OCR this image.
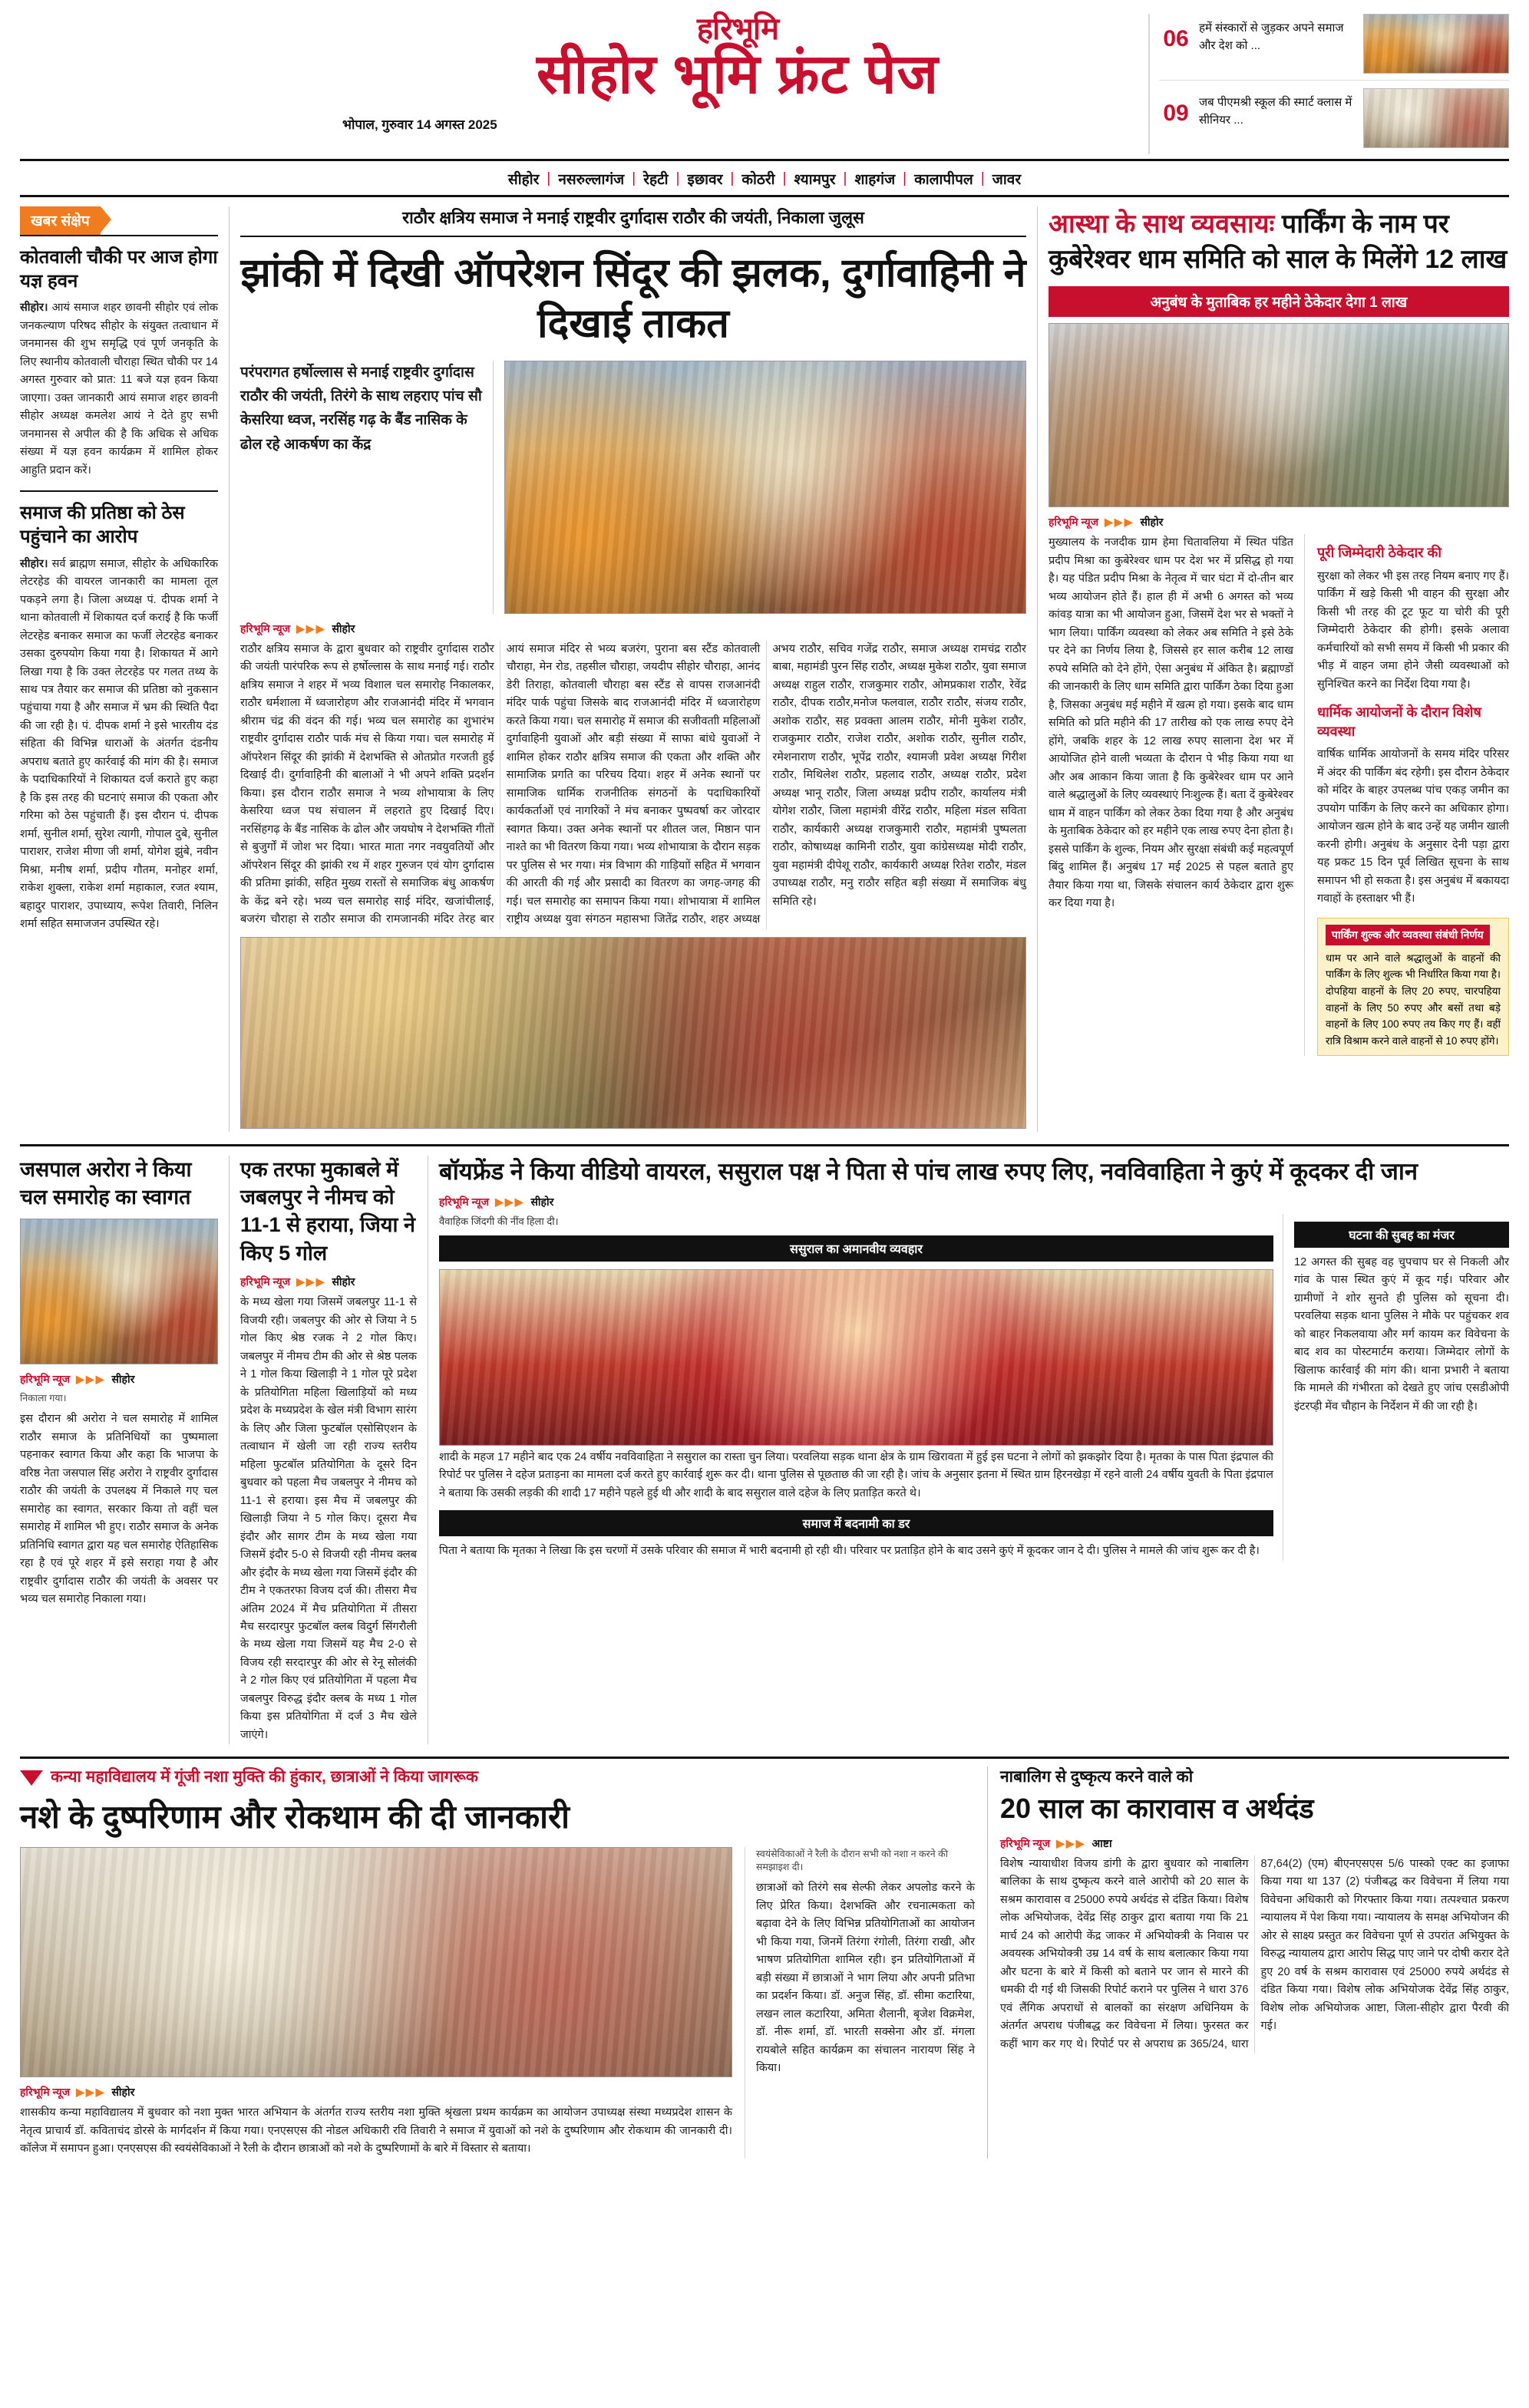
हरिभूमि
सीहोर भूमि फ्रंट पेज
भोपाल, गुरुवार 14 अगस्त 2025
06 हमें संस्कारों से जुड़कर अपने समाज और देश को ...
09 जब पीएमश्री स्कूल की स्मार्ट क्लास में सीनियर ...
सीहोर | नसरुल्लागंज | रेहटी | इछावर | कोठरी | श्यामपुर | शाहगंज | कालापीपल | जावर
खबर संक्षेप
कोतवाली चौकी पर आज होगा यज्ञ हवन

सीहोर। आयं समाज शहर छावनी सीहोर एवं लोक जनकल्याण परिषद सीहोर के संयुक्त तत्वाधान में जनमानस की शुभ समृद्धि एवं पूर्ण जनकृति के लिए स्थानीय कोतवाली चौराहा स्थित चौकी पर 14 अगस्त गुरुवार को प्रात: 11 बजे यज्ञ हवन किया जाएगा। उक्त जानकारी आयं समाज शहर छावनी सीहोर अध्यक्ष कमलेश आयं ने देते हुए सभी जनमानस से अपील की है कि अधिक से अधिक संख्या में यज्ञ हवन कार्यक्रम में शामिल होकर आहुति प्रदान करें।

समाज की प्रतिष्ठा को ठेस पहुंचाने का आरोप

सीहोर। सर्व ब्राह्मण समाज, सीहोर के अधिकारिक लेटरहेड की वायरल जानकारी का मामला तूल पकड़ने लगा है। जिला अध्यक्ष पं. दीपक शर्मा ने थाना कोतवाली में शिकायत दर्ज कराई है कि फर्जी लेटरहेड बनाकर समाज का फर्जी लेटरहेड बनाकर उसका दुरुपयोग किया गया है। शिकायत में आगे लिखा गया है कि उक्त लेटरहेड पर गलत तथ्य के साथ पत्र तैयार कर समाज की प्रतिष्ठा को नुकसान पहुंचाया गया है और समाज में भ्रम की स्थिति पैदा की जा रही है। पं. दीपक शर्मा ने इसे भारतीय दंड संहिता की विभिन्न धाराओं के अंतर्गत दंडनीय अपराध बताते हुए कार्रवाई की मांग की है। समाज के पदाधिकारियों ने शिकायत दर्ज कराते हुए कहा है कि इस तरह की घटनाएं समाज की एकता और गरिमा को ठेस पहुंचाती हैं। इस दौरान पं. दीपक शर्मा, सुनील शर्मा, सुरेश त्यागी, गोपाल दुबे, सुनील पाराशर, राजेश मीणा जी शर्मा, योगेश झुंबे, नवीन मिश्रा, मनीष शर्मा, प्रदीप गौतम, मनोहर शर्मा, राकेश शुक्ला, राकेश शर्मा महाकाल, रजत श्याम, बहादुर पाराशर, उपाध्याय, रूपेश तिवारी, निलिन शर्मा सहित समाजजन उपस्थित रहे।

राठौर क्षत्रिय समाज ने मनाई राष्ट्रवीर दुर्गादास राठौर की जयंती, निकाला जुलूस
झांकी में दिखी ऑपरेशन सिंदूर की झलक, दुर्गावाहिनी ने दिखाई ताकत
परंपरागत हर्षोल्लास से मनाई राष्ट्रवीर दुर्गादास राठौर की जयंती, तिरंगे के साथ लहराए पांच सौ केसरिया ध्वज, नरसिंह गढ़ के बैंड नासिक के ढोल रहे आकर्षण का केंद्र
हरिभूमि न्यूज ▶▶▶ सीहोर
राठौर क्षत्रिय समाज के द्वारा बुधवार को राष्ट्रवीर दुर्गादास राठौर की जयंती पारंपरिक रूप से हर्षोल्लास के साथ मनाई गई। राठौर क्षत्रिय समाज ने शहर में भव्य विशाल चल समारोह निकालकर, राठौर धर्मशाला में ध्वजारोहण और राजआनंदी मंदिर में भगवान श्रीराम चंद्र की वंदन की गई। भव्य चल समारोह का शुभारंभ राष्ट्रवीर दुर्गादास राठौर पार्क मंच से किया गया। चल समारोह में ऑपरेशन सिंदूर की झांकी में देशभक्ति से ओतप्रोत गरजती हुई दिखाई दी। दुर्गावाहिनी की बालाओं ने भी अपने शक्ति प्रदर्शन किया। इस दौरान राठौर समाज ने भव्य शोभायात्रा के लिए केसरिया ध्वज पथ संचालन में लहराते हुए दिखाई दिए। नरसिंहगढ़ के बैंड नासिक के ढोल और जयघोष ने देशभक्ति गीतों से बुजुर्गों में जोश भर दिया। भारत माता नगर नवयुवतियों और ऑपरेशन सिंदूर की झांकी रथ में शहर गुरुजन एवं योग दुर्गादास की प्रतिमा झांकी, सहित मुख्य रास्तों से समाजिक बंधु आकर्षण के केंद्र बने रहे। भव्य चल समारोह साई मंदिर, खजांचीलाई, बजरंग चौराहा से राठौर समाज की रामजानकी मंदिर तेरह बार आयं समाज मंदिर से भव्य बजरंग, पुराना बस स्टैंड कोतवाली चौराहा, मेन रोड, तहसील चौराहा, जयदीप सीहोर चौराहा, आनंद डेरी तिराहा, कोतवाली चौराहा बस स्टैंड से वापस राजआनंदी मंदिर पार्क पहुंचा जिसके बाद राजआनंदी मंदिर में ध्वजारोहण करते किया गया। चल समारोह में समाज की सजीवताी महिलाओं दुर्गावाहिनी युवाओं और बड़ी संख्या में साफा बांधे युवाओं ने शामिल होकर राठौर क्षत्रिय समाज की एकता और शक्ति और सामाजिक प्रगति का परिचय दिया। शहर में अनेक स्थानों पर सामाजिक धार्मिक राजनीतिक संगठनों के पदाधिकारियों कार्यकर्ताओं एवं नागरिकों ने मंच बनाकर पुष्पवर्षा कर जोरदार स्वागत किया। उक्त अनेक स्थानों पर शीतल जल, मिष्ठान पान नाश्ते का भी वितरण किया गया। भव्य शोभायात्रा के दौरान सड़क पर पुलिस से भर गया। मंत्र विभाग की गाड़ियाों सहित में भगवान की आरती की गई और प्रसादी का वितरण का जगह-जगह की गई। चल समारोह का समापन किया गया। शोभायात्रा में शामिल राष्ट्रीय अध्यक्ष युवा संगठन महासभा जितेंद्र राठौर, शहर अध्यक्ष अभय राठौर, सचिव गजेंद्र राठौर, समाज अध्यक्ष रामचंद्र राठौर बाबा, महामंडी पुरन सिंह राठौर, अध्यक्ष मुकेश राठौर, युवा समाज अध्यक्ष राहुल राठौर, राजकुमार राठौर, ओमप्रकाश राठौर, रेवेंद्र राठौर, दीपक राठौर,मनोज फलवाल, राठौर राठौर, संजय राठौर, अशोक राठौर, सह प्रवक्ता आलम राठौर, मोनी मुकेश राठौर, राजकुमार राठौर, राजेश राठौर, अशोक राठौर, सुनील राठौर, रमेशनाराण राठौर, भूपेंद्र राठौर, श्यामजी प्रवेश अध्यक्ष गिरीश राठौर, मिथिलेश राठौर, प्रहलाद राठौर, अध्यक्ष राठौर, प्रदेश अध्यक्ष भानू राठौर, जिला अध्यक्ष प्रदीप राठौर, कार्यालय मंत्री योगेश राठौर, जिला महामंत्री वीरेंद्र राठौर, महिला मंडल सविता राठौर, कार्यकारी अध्यक्ष राजकुमारी राठौर, महामंत्री पुष्पलता राठौर, कोषाध्यक्ष कामिनी राठौर, युवा कांग्रेसध्यक्ष मोदी राठौर, युवा महामंत्री दीपेशू राठौर, कार्यकारी अध्यक्ष रितेश राठौर, मंडल उपाध्यक्ष राठौर, मनु राठौर सहित बड़ी संख्या में समाजिक बंधु समिति रहे।
आस्था के साथ व्यवसायः पार्किंग के नाम पर कुबेरेश्वर धाम समिति को साल के मिलेंगे 12 लाख
अनुबंध के मुताबिक हर महीने ठेकेदार देगा 1 लाख
हरिभूमि न्यूज ▶▶▶ सीहोर

मुख्यालय के नजदीक ग्राम हेमा चितावलिया में स्थित पंडित प्रदीप मिश्रा का कुबेरेश्वर धाम पर देश भर में प्रसिद्ध हो गया है। यह पंडित प्रदीप मिश्रा के नेतृत्व में चार घंटा में दो-तीन बार भव्य आयोजन होते हैं। हाल ही में अभी 6 अगस्त को भव्य कांवड़ यात्रा का भी आयोजन हुआ, जिसमें देश भर से भक्तों ने भाग लिया। पार्किंग व्यवस्था को लेकर अब समिति ने इसे ठेके पर देने का निर्णय लिया है, जिससे हर साल करीब 12 लाख रुपये समिति को देने होंगे, ऐसा अनुबंध में अंकित है। ब्रह्माण्डों की जानकारी के लिए धाम समिति द्वारा पार्किंग ठेका दिया हुआ है, जिसका अनुबंध मई महीने में खत्म हो गया। इसके बाद धाम समिति को प्रति महीने की 17 तारीख को एक लाख रुपए देने होंगे, जबकि शहर के 12 लाख रुपए सालाना देश भर में आयोजित होने वाली भव्यता के दौरान पे भीड़ किया गया था और अब आकान किया जाता है कि कुबेरेश्वर धाम पर आने वाले श्रद्धालुओं के लिए व्यवस्थाएं निःशुल्क हैं। बता दें कुबेरेश्वर धाम में वाहन पार्किंग को लेकर ठेका दिया गया है और अनुबंध के मुताबिक ठेकेदार को हर महीने एक लाख रुपए देना होता है। इससे पार्किंग के शुल्क, नियम और सुरक्षा संबंधी कई महत्वपूर्ण बिंदु शामिल हैं। अनुबंध 17 मई 2025 से पहल बताते हुए तैयार किया गया था, जिसके संचालन कार्य ठेकेदार द्वारा शुरू कर दिया गया है।

पूरी जिम्मेदारी ठेकेदार की

सुरक्षा को लेकर भी इस तरह नियम बनाए गए हैं। पार्किंग में खड़े किसी भी वाहन की सुरक्षा और किसी भी तरह की टूट फूट या चोरी की पूरी जिम्मेदारी ठेकेदार की होगी। इसके अलावा कर्मचारियों को सभी समय में किसी भी प्रकार की भीड़ में वाहन जमा होने जैसी व्यवस्थाओं को सुनिश्चित करने का निर्देश दिया गया है।

धार्मिक आयोजनों के दौरान विशेष व्यवस्था

वार्षिक धार्मिक आयोजनों के समय मंदिर परिसर में अंदर की पार्किंग बंद रहेगी। इस दौरान ठेकेदार को मंदिर के बाहर उपलब्ध पांच एकड़ जमीन का उपयोग पार्किंग के लिए करने का अधिकार होगा। आयोजन खत्म होने के बाद उन्हें यह जमीन खाली करनी होगी। अनुबंध के अनुसार देनी पड़ा द्वारा यह प्रकट 15 दिन पूर्व लिखित सूचना के साथ समापन भी हो सकता है। इस अनुबंध में बकायदा गवाहों के हस्ताक्षर भी हैं।

पार्किंग शुल्क और व्यवस्था संबंधी निर्णय

धाम पर आने वाले श्रद्धालुओं के वाहनों की पार्किंग के लिए शुल्क भी निर्धारित किया गया है। दोपहिया वाहनों के लिए 20 रुपए, चारपहिया वाहनों के लिए 50 रुपए और बसों तथा बड़े वाहनों के लिए 100 रुपए तय किए गए हैं। वहीं रात्रि विश्राम करने वाले वाहनों से 10 रुपए होंगे।

जसपाल अरोरा ने किया चल समारोह का स्वागत
हरिभूमि न्यूज ▶▶▶ सीहोर
निकाला गया।

इस दौरान श्री अरोरा ने चल समारोह में शामिल राठौर समाज के प्रतिनिधियों का पुष्पमाला पहनाकर स्वागत किया और कहा कि भाजपा के वरिष्ठ नेता जसपाल सिंह अरोरा ने राष्ट्रवीर दुर्गादास राठौर की जयंती के उपलक्ष्य में निकाले गए चल समारोह का स्वागत, सरकार किया तो वहीं चल समारोह में शामिल भी हुए। राठौर समाज के अनेक प्रतिनिधि स्वागत द्वारा यह चल समारोह ऐतिहासिक रहा है एवं पूरे शहर में इसे सराहा गया है और राष्ट्रवीर दुर्गादास राठौर की जयंती के अवसर पर भव्य चल समारोह निकाला गया।

एक तरफा मुकाबले में जबलपुर ने नीमच को 11-1 से हराया, जिया ने किए 5 गोल
हरिभूमि न्यूज ▶▶▶ सीहोर

के मध्य खेला गया जिसमें जबलपुर 11-1 से विजयी रही। जबलपुर की ओर से जिया ने 5 गोल किए श्रेष्ठ रजक ने 2 गोल किए। जबलपुर में नीमच टीम की ओर से श्रेष्ठ पलक ने 1 गोल किया खिलाड़ी ने 1 गोल पूरे प्रदेश के प्रतियोगिता महिला खिलाड़ियों को मध्य प्रदेश के मध्यप्रदेश के खेल मंत्री विभाग सारंग के लिए और जिला फुटबॉल एसोसिएशन के तत्वाधान में खेली जा रही राज्य स्तरीय महिला फुटबॉल प्रतियोगिता के दूसरे दिन बुधवार को पहला मैच जबलपुर ने नीमच को 11-1 से हराया। इस मैच में जबलपुर की खिलाड़ी जिया ने 5 गोल किए। दूसरा मैच इंदौर और सागर टीम के मध्य खेला गया जिसमें इंदौर 5-0 से विजयी रही नीमच क्लब और इंदौर के मध्य खेला गया जिसमें इंदौर की टीम ने एकतरफा विजय दर्ज की। तीसरा मैच अंतिम 2024 में मैच प्रतियोगिता में तीसरा मैच सरदारपुर फुटबॉल क्लब विदुर्ग सिंगरौली के मध्य खेला गया जिसमें यह मैच 2-0 से विजय रही सरदारपुर की ओर से रेनू सोलंकी ने 2 गोल किए एवं प्रतियोगिता में पहला मैच जबलपुर विरुद्ध इंदौर क्लब के मध्य 1 गोल किया इस प्रतियोगिता में दर्ज 3 मैच खेले जाएंगे।

बॉयफ्रेंड ने किया वीडियो वायरल, ससुराल पक्ष ने पिता से पांच लाख रुपए लिए, नवविवाहिता ने कुएं में कूदकर दी जान
हरिभूमि न्यूज ▶▶▶ सीहोर
वैवाहिक जिंदगी की नींव हिला दी।
ससुराल का अमानवीय व्यवहार

शादी के महज 17 महीने बाद एक 24 वर्षीय नवविवाहिता ने ससुराल का रास्ता चुन लिया। परवलिया सड़क थाना क्षेत्र के ग्राम खिरावता में हुई इस घटना ने लोगों को झकझोर दिया है। मृतका के पास पिता इंद्रपाल की रिपोर्ट पर पुलिस ने दहेज प्रताड़ना का मामला दर्ज करते हुए कार्रवाई शुरू कर दी। थाना पुलिस से पूछताछ की जा रही है। जांच के अनुसार इतना में स्थित ग्राम हिरनखेड़ा में रहने वाली 24 वर्षीय युवती के पिता इंद्रपाल ने बताया कि उसकी लड़की की शादी 17 महीने पहले हुई थी और शादी के बाद ससुराल वाले दहेज के लिए प्रताड़ित करते थे।

समाज में बदनामी का डर

पिता ने बताया कि मृतका ने लिखा कि इस चरणों में उसके परिवार की समाज में भारी बदनामी हो रही थी। परिवार पर प्रताड़ित होने के बाद उसने कुएं में कूदकर जान दे दी। पुलिस ने मामले की जांच शुरू कर दी है।

घटना की सुबह का मंजर

12 अगस्त की सुबह वह चुपचाप घर से निकली और गांव के पास स्थित कुएं में कूद गई। परिवार और ग्रामीणों ने शोर सुनते ही पुलिस को सूचना दी। परवलिया सड़क थाना पुलिस ने मौके पर पहुंचकर शव को बाहर निकलवाया और मर्ग कायम कर विवेचना के बाद शव का पोस्टमार्टम कराया। जिम्मेदार लोगों के खिलाफ कार्रवाई की मांग की। थाना प्रभारी ने बताया कि मामले की गंभीरता को देखते हुए जांच एसडीओपी इंटरप्ड़ी मेंव चौहान के निर्देशन में की जा रही है।

कन्या महाविद्यालय में गूंजी नशा मुक्ति की हुंकार, छात्राओं ने किया जागरूक
नशे के दुष्परिणाम और रोकथाम की दी जानकारी
हरिभूमि न्यूज ▶▶▶ सीहोर

शासकीय कन्या महाविद्यालय में बुधवार को नशा मुक्त भारत अभियान के अंतर्गत राज्य स्तरीय नशा मुक्ति श्रृंखला प्रथम कार्यक्रम का आयोजन उपाध्यक्ष संस्था मध्यप्रदेश शासन के नेतृत्व प्राचार्य डॉ. कविताचंद डोरसे के मार्गदर्शन में किया गया। एनएसएस की नोडल अधिकारी रवि तिवारी ने समाज में युवाओं को नशे के दुष्परिणाम और रोकथाम की जानकारी दी। कॉलेज में समापन हुआ। एनएसएस की स्वयंसेविकाओं ने रैली के दौरान छात्राओं को नशे के दुष्परिणामों के बारे में विस्तार से बताया।

स्वयंसेविकाओं ने रैली के दौरान सभी को नशा न करने की समझाइश दी।

छात्राओं को तिरंगे सब सेल्फी लेकर अपलोड करने के लिए प्रेरित किया। देशभक्ति और रचनात्मकता को बढ़ावा देने के लिए विभिन्न प्रतियोगिताओं का आयोजन भी किया गया, जिनमें तिरंगा रंगोली, तिरंगा राखी, और भाषण प्रतियोगिता शामिल रही। इन प्रतियोगिताओं में बड़ी संख्या में छात्राओं ने भाग लिया और अपनी प्रतिभा का प्रदर्शन किया। डॉ. अनुज सिंह, डॉ. सीमा कटारिया, लखन लाल कटारिया, अमिता शैलानी, बृजेश विक्रमेश, डॉ. नीरू शर्मा, डॉ. भारती सक्सेना और डॉ. मंगला रायबोले सहित कार्यक्रम का संचालन नारायण सिंह ने किया।

नाबालिग से दुष्कृत्य करने वाले को
20 साल का कारावास व अर्थदंड
हरिभूमि न्यूज ▶▶▶ आष्टा
विशेष न्यायाधीश विजय डांगी के द्वारा बुधवार को नाबालिग बालिका के साथ दुष्कृत्य करने वाले आरोपी को 20 साल के सश्रम कारावास व 25000 रुपये अर्थदंड से दंडित किया। विशेष लोक अभियोजक, देवेंद्र सिंह ठाकुर द्वारा बताया गया कि 21 मार्च 24 को आरोपी केंद्र जाकर में अभियोक्त्री के निवास पर अवयस्क अभियोक्त्री उम्र 14 वर्ष के साथ बलात्कार किया गया और घटना के बारे में किसी को बताने पर जान से मारने की धमकी दी गई थी जिसकी रिपोर्ट कराने पर पुलिस ने धारा 376 एवं लैंगिक अपराधों से बालकों का संरक्षण अधिनियम के अंतर्गत अपराध पंजीबद्ध कर विवेचना में लिया। फुरसत कर कहीं भाग कर गए थे। रिपोर्ट पर से अपराध क्र 365/24, धारा 87,64(2) (एम) बीएनएसएस 5/6 पास्को एक्ट का इजाफा किया गया था 137 (2) पंजीबद्ध कर विवेचना में लिया गया विवेचना अधिकारी को गिरफ्तार किया गया। तत्पश्चात प्रकरण न्यायालय में पेश किया गया। न्यायालय के समक्ष अभियोजन की ओर से साक्ष्य प्रस्तुत कर विवेचना पूर्ण से उपरांत अभियुक्त के विरुद्ध न्यायालय द्वारा आरोप सिद्ध पाए जाने पर दोषी करार देते हुए 20 वर्ष के सश्रम कारावास एवं 25000 रुपये अर्थदंड से दंडित किया गया। विशेष लोक अभियोजक देवेंद्र सिंह ठाकुर, विशेष लोक अभियोजक आष्टा, जिला-सीहोर द्वारा पैरवी की गई।
